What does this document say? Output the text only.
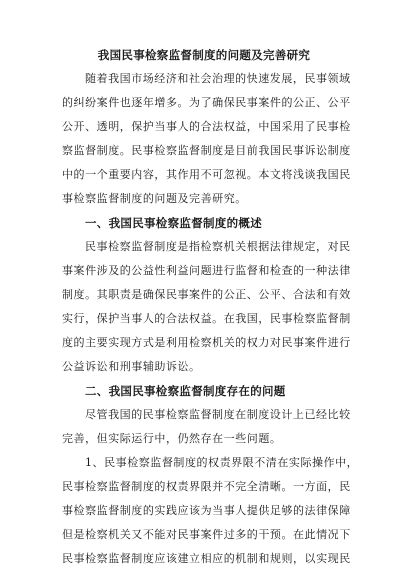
我国民事检察监督制度的问题及完善研究
随着我国市场经济和社会治理的快速发展，民事领域
的纠纷案件也逐年增多。为了确保民事案件的公正、公平
公开、透明，保护当事人的合法权益，中国采用了民事检
察监督制度。民事检察监督制度是目前我国民事诉讼制度
中的一个重要内容，其作用不可忽视。本文将浅谈我国民
事检察监督制度的问题及完善研究。
一、我国民事检察监督制度的概述
民事检察监督制度是指检察机关根据法律规定，对民
事案件涉及的公益性利益问题进行监督和检查的一种法律
制度。其职责是确保民事案件的公正、公平、合法和有效
实行，保护当事人的合法权益。在我国，民事检察监督制
度的主要实现方式是利用检察机关的权力对民事案件进行
公益诉讼和刑事辅助诉讼。
二、我国民事检察监督制度存在的问题
尽管我国的民事检察监督制度在制度设计上已经比较
完善，但实际运行中，仍然存在一些问题。
1、民事检察监督制度的权责界限不清在实际操作中，
民事检察监督制度的权责界限并不完全清晰。一方面，民
事检察监督制度的实践应该为当事人提供足够的法律保障
但是检察机关又不能对民事案件过多的干预。在此情况下
民事检察监督制度应该建立相应的机制和规则，以实现民
